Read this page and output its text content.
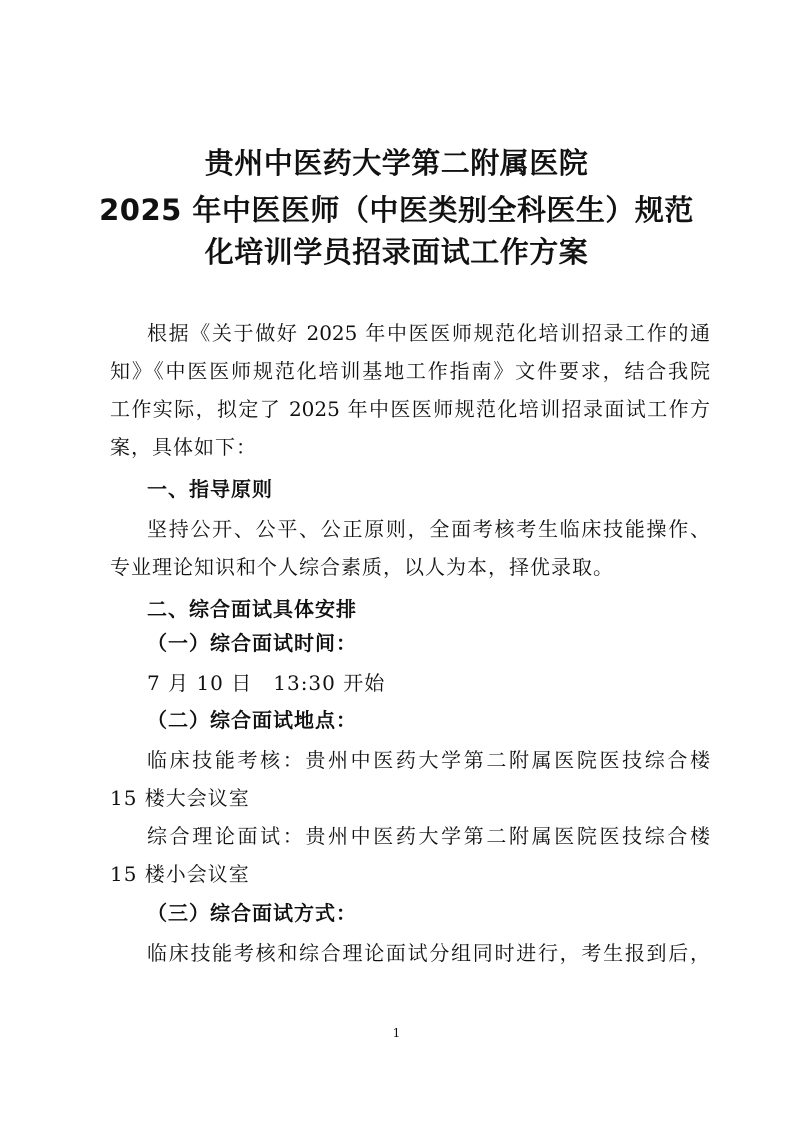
贵州中医药大学第二附属医院
2025 年中医医师（中医类别全科医生）规范
化培训学员招录面试工作方案
根据《关于做好 2025 年中医医师规范化培训招录工作的通
知》《中医医师规范化培训基地工作指南》文件要求，结合我院
工作实际，拟定了 2025 年中医医师规范化培训招录面试工作方
案，具体如下：
一、指导原则
坚持公开、公平、公正原则，全面考核考生临床技能操作、
专业理论知识和个人综合素质，以人为本，择优录取。
二、综合面试具体安排
（一）综合面试时间：
7 月 10 日　13:30 开始
（二）综合面试地点：
临床技能考核：贵州中医药大学第二附属医院医技综合楼
15 楼大会议室
综合理论面试：贵州中医药大学第二附属医院医技综合楼
15 楼小会议室
（三）综合面试方式：
临床技能考核和综合理论面试分组同时进行，考生报到后，
1
